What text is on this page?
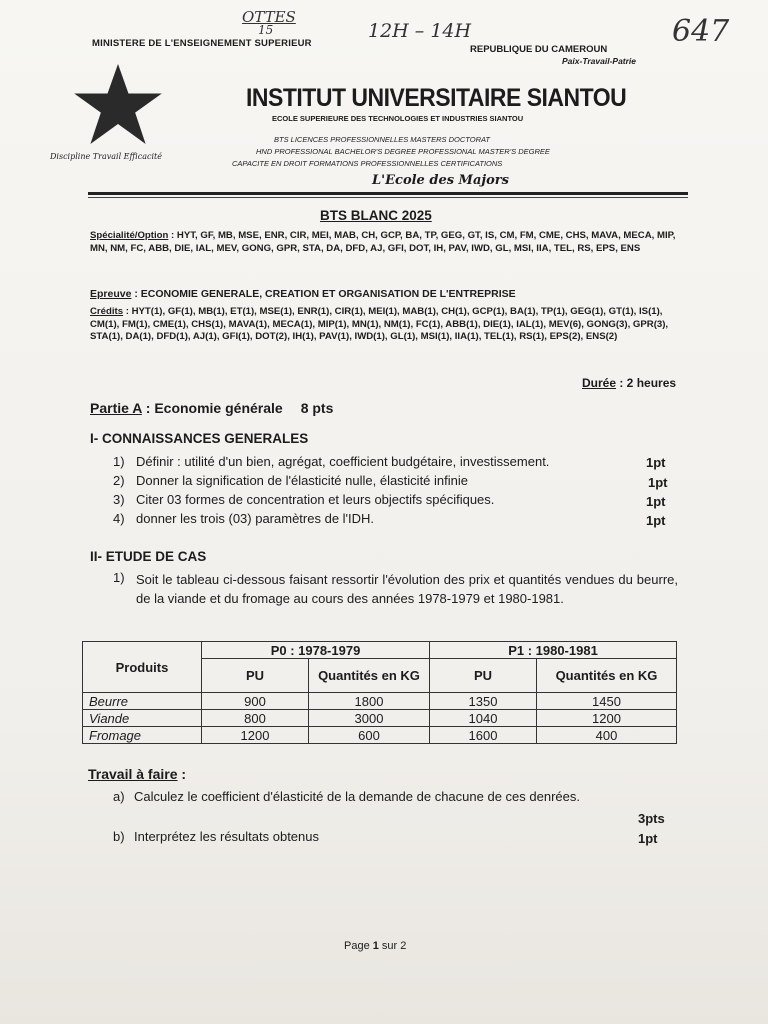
OTTES
15	12H – 14H	647
MINISTERE DE L'ENSEIGNEMENT SUPERIEUR
REPUBLIQUE DU CAMEROUN
Paix-Travail-Patrie
Discipline Travail Efficacité
INSTITUT UNIVERSITAIRE SIANTOU
ECOLE SUPERIEURE DES TECHNOLOGIES ET INDUSTRIES SIANTOU
BTS LICENCES PROFESSIONNELLES MASTERS DOCTORAT
HND PROFESSIONAL BACHELOR'S DEGREE PROFESSIONAL MASTER'S DEGREE
CAPACITE EN DROIT FORMATIONS PROFESSIONNELLES CERTIFICATIONS
L'Ecole des Majors
BTS BLANC 2025
Spécialité/Option : HYT, GF, MB, MSE, ENR, CIR, MEI, MAB, CH, GCP, BA, TP, GEG, GT, IS, CM, FM, CME, CHS, MAVA, MECA, MIP, MN, NM, FC, ABB, DIE, IAL, MEV, GONG, GPR, STA, DA, DFD, AJ, GFI, DOT, IH, PAV, IWD, GL, MSI, IIA, TEL, RS, EPS, ENS
Epreuve : ECONOMIE GENERALE, CREATION ET ORGANISATION DE L'ENTREPRISE
Crédits : HYT(1), GF(1), MB(1), ET(1), MSE(1), ENR(1), CIR(1), MEI(1), MAB(1), CH(1), GCP(1), BA(1), TP(1), GEG(1), GT(1), IS(1), CM(1), FM(1), CME(1), CHS(1), MAVA(1), MECA(1), MIP(1), MN(1), NM(1), FC(1), ABB(1), DIE(1), IAL(1), MEV(6), GONG(3), GPR(3), STA(1), DA(1), DFD(1), AJ(1), GFI(1), DOT(2), IH(1), PAV(1), IWD(1), GL(1), MSI(1), IIA(1), TEL(1), RS(1), EPS(2), ENS(2)
Durée : 2 heures
Partie A : Economie générale 8 pts
I- CONNAISSANCES GENERALES
1) Définir : utilité d'un bien, agrégat, coefficient budgétaire, investissement.	1pt
2) Donner la signification de l'élasticité nulle, élasticité infinie	1pt
3) Citer 03 formes de concentration et leurs objectifs spécifiques.	1pt
4) donner les trois (03) paramètres de l'IDH.	1pt
II- ETUDE DE CAS
1) Soit le tableau ci-dessous faisant ressortir l'évolution des prix et quantités vendues du beurre, de la viande et du fromage au cours des années 1978-1979 et 1980-1981.
Produits	P0 : 1978-1979		P1 : 1980-1981	
	PU	Quantités en KG	PU	Quantités en KG
Beurre	900	1800	1350	1450
Viande	800	3000	1040	1200
Fromage	1200	600	1600	400
Travail à faire :
a) Calculez le coefficient d'élasticité de la demande de chacune de ces denrées.
3pts
b) Interprétez les résultats obtenus	1pt
Page 1 sur 2
